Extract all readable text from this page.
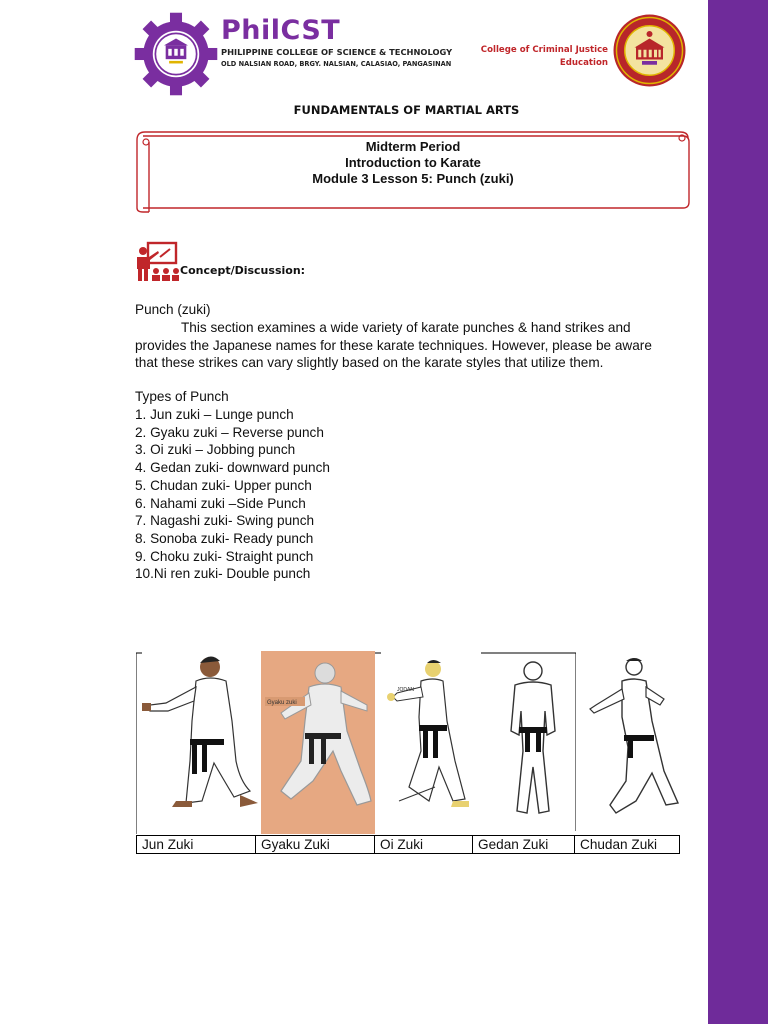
PhilCST
PHILIPPINE COLLEGE OF SCIENCE & TECHNOLOGY
OLD NALSIAN ROAD, BRGY. NALSIAN, CALASIAO, PANGASINAN
College of Criminal Justice
Education
FUNDAMENTALS OF MARTIAL ARTS
Midterm Period
Introduction to Karate
Module 3 Lesson 5: Punch (zuki)
Concept/Discussion:
Punch (zuki)
This section examines a wide variety of karate punches & hand strikes and provides the Japanese names for these karate techniques. However, please be aware that these strikes can vary slightly based on the karate styles that utilize them.
Types of Punch
1. Jun zuki – Lunge punch
2. Gyaku zuki – Reverse punch
3. Oi zuki – Jobbing punch
4. Gedan zuki- downward punch
5. Chudan zuki- Upper punch
6. Nahami zuki –Side Punch
7. Nagashi zuki- Swing punch
8. Sonoba zuki- Ready punch
9. Choku zuki- Straight punch
10.Ni ren zuki- Double punch
Gyaku zuki
JODAN
Jun Zuki	Gyaku Zuki	Oi Zuki	Gedan Zuki	Chudan Zuki
